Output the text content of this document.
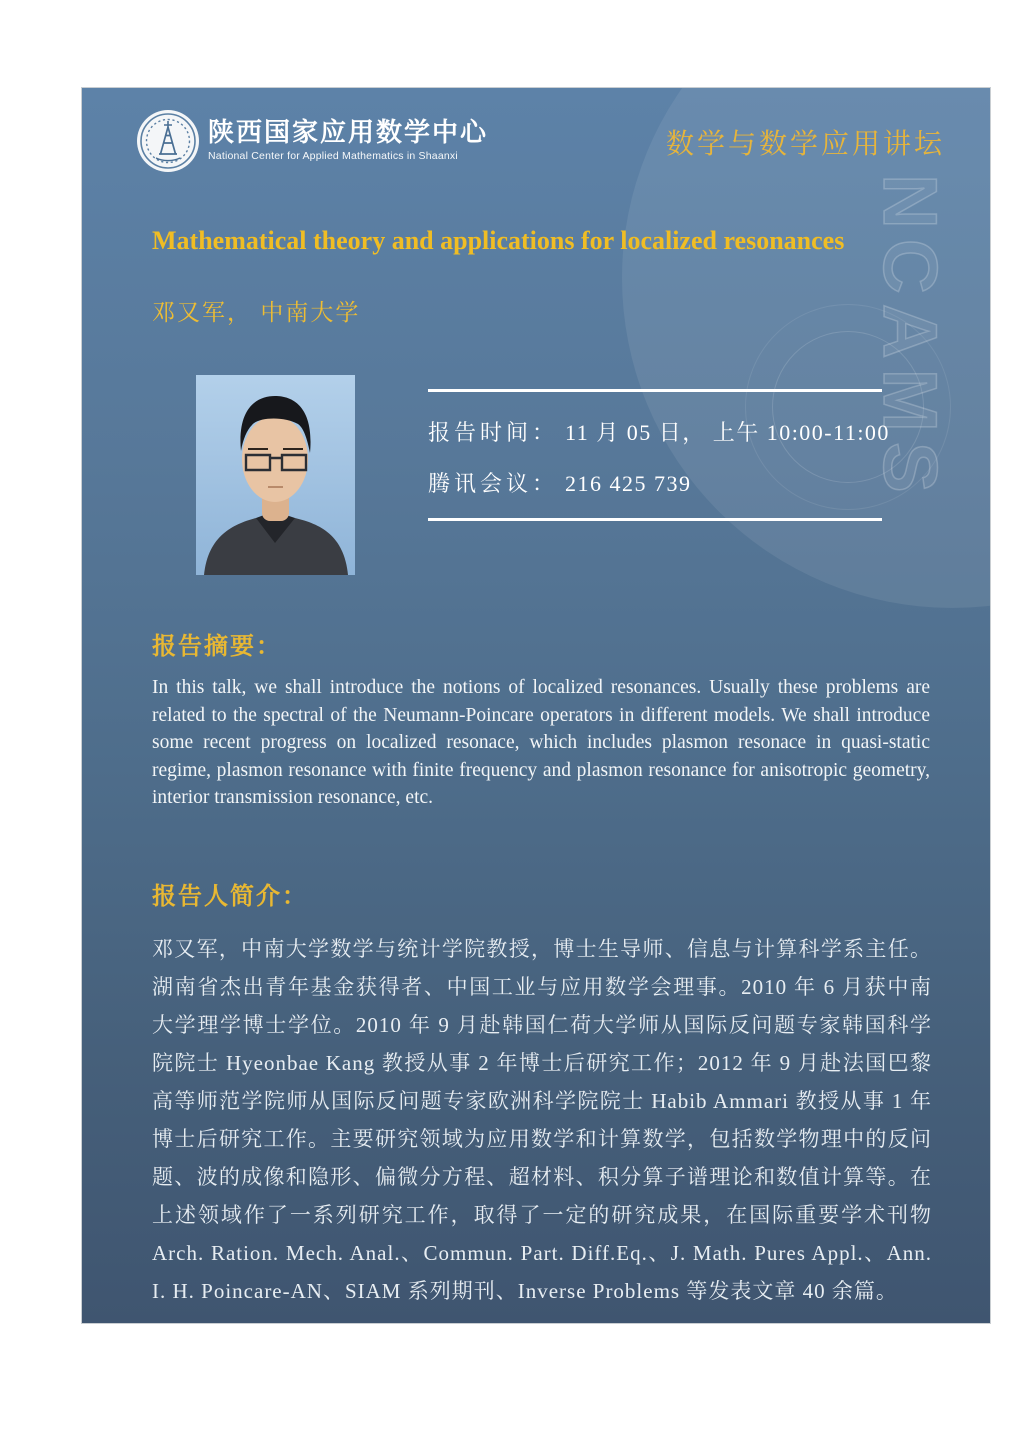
NCAMS
陕西国家应用数学中心
National Center for Applied Mathematics in Shaanxi	数学与数学应用讲坛
Mathematical theory and applications for localized resonances
邓又军， 中南大学
报告时间： 11 月 05 日， 上午 10:00-11:00
腾讯会议： 216 425 739
报告摘要：
In this talk, we shall introduce the notions of localized resonances. Usually these problems are related to the spectral of the Neumann-Poincare operators in different models. We shall introduce some recent progress on localized resonace, which includes plasmon resonace in quasi-static regime, plasmon resonance with finite frequency and plasmon resonance for anisotropic geometry, interior transmission resonance, etc.
报告人简介：
邓又军，中南大学数学与统计学院教授，博士生导师、信息与计算科学系主任。湖南省杰出青年基金获得者、中国工业与应用数学会理事。2010 年 6 月获中南大学理学博士学位。2010 年 9 月赴韩国仁荷大学师从国际反问题专家韩国科学院院士 Hyeonbae Kang 教授从事 2 年博士后研究工作；2012 年 9 月赴法国巴黎高等师范学院师从国际反问题专家欧洲科学院院士 Habib Ammari 教授从事 1 年博士后研究工作。主要研究领域为应用数学和计算数学，包括数学物理中的反问题、波的成像和隐形、偏微分方程、超材料、积分算子谱理论和数值计算等。在上述领域作了一系列研究工作，取得了一定的研究成果，在国际重要学术刊物 Arch. Ration. Mech. Anal.、Commun. Part. Diff.Eq.、J. Math. Pures Appl.、Ann. I. H. Poincare-AN、SIAM 系列期刊、Inverse Problems 等发表文章 40 余篇。
